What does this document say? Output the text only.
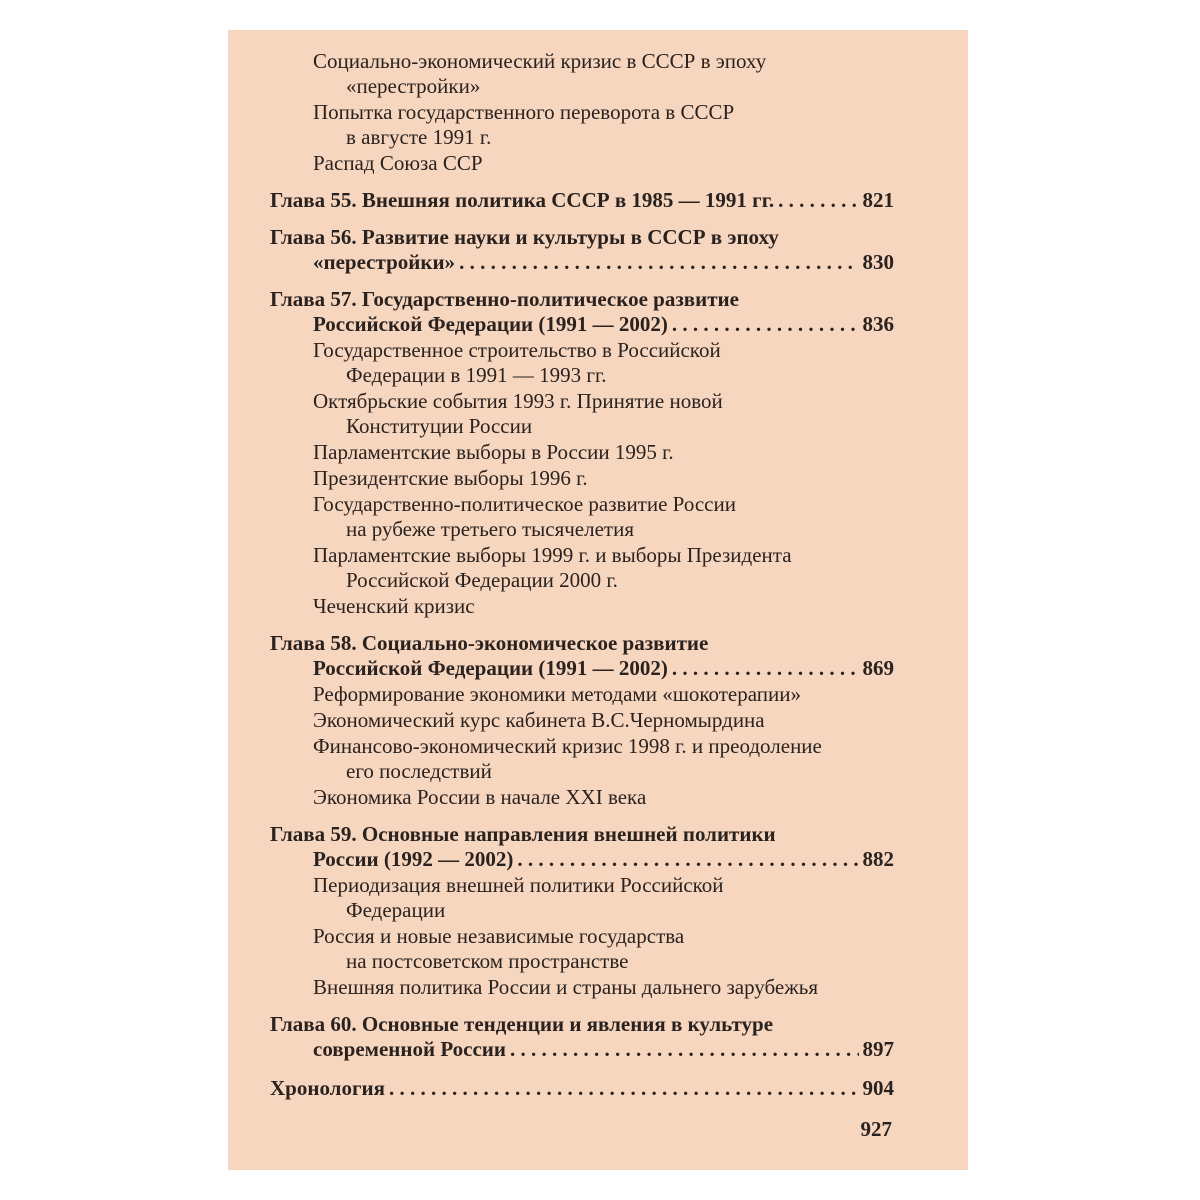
Социально-экономический кризис в СССР в эпоху
«перестройки»
Попытка государственного переворота в СССР
в августе 1991 г.
Распад Союза ССР
Глава 55. Внешняя политика СССР в 1985 — 1991 гг. . . .	821
Глава 56. Развитие науки и культуры в СССР в эпоху
«перестройки» . . .	830
Глава 57. Государственно-политическое развитие
Российской Федерации (1991 — 2002) . . .	836
Государственное строительство в Российской
Федерации в 1991 — 1993 гг.
Октябрьские события 1993 г. Принятие новой
Конституции России
Парламентские выборы в России 1995 г.
Президентские выборы 1996 г.
Государственно-политическое развитие России
на рубеже третьего тысячелетия
Парламентские выборы 1999 г. и выборы Президента
Российской Федерации 2000 г.
Чеченский кризис
Глава 58. Социально-экономическое развитие
Российской Федерации (1991 — 2002) . . .	869
Реформирование экономики методами «шокотерапии»
Экономический курс кабинета В.С.Черномырдина
Финансово-экономический кризис 1998 г. и преодоление
его последствий
Экономика России в начале XXI века
Глава 59. Основные направления внешней политики
России (1992 — 2002) . . .	882
Периодизация внешней политики Российской
Федерации
Россия и новые независимые государства
на постсоветском пространстве
Внешняя политика России и страны дальнего зарубежья
Глава 60. Основные тенденции и явления в культуре
современной России . . .	897
Хронология . . .	904
927
